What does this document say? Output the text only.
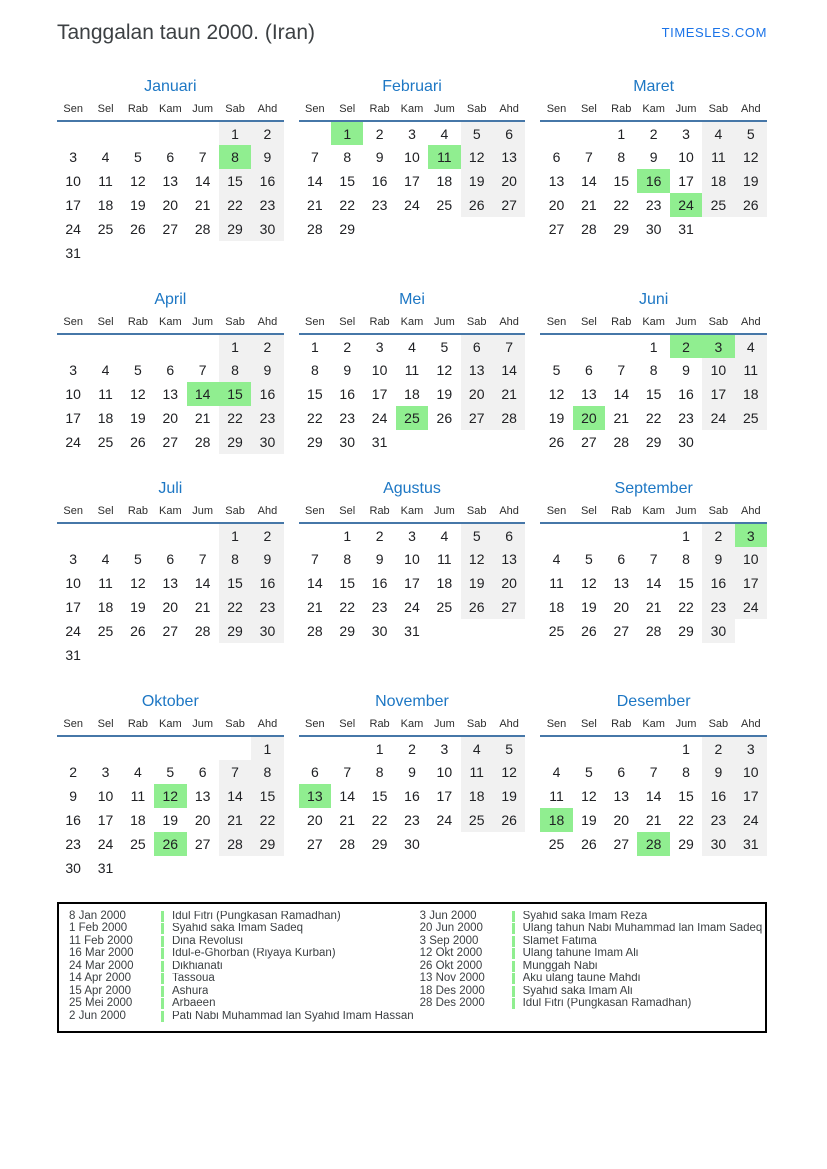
Tanggalan taun 2000. (Iran)	TIMESLES.COM
Januari
Sen	Sel	Rab	Kam	Jum	Sab	Ahd
					1	2
3	4	5	6	7	8	9
10	11	12	13	14	15	16
17	18	19	20	21	22	23
24	25	26	27	28	29	30
31						
Februari
Sen	Sel	Rab	Kam	Jum	Sab	Ahd
	1	2	3	4	5	6
7	8	9	10	11	12	13
14	15	16	17	18	19	20
21	22	23	24	25	26	27
28	29					
Maret
Sen	Sel	Rab	Kam	Jum	Sab	Ahd
		1	2	3	4	5
6	7	8	9	10	11	12
13	14	15	16	17	18	19
20	21	22	23	24	25	26
27	28	29	30	31		
April
Sen	Sel	Rab	Kam	Jum	Sab	Ahd
					1	2
3	4	5	6	7	8	9
10	11	12	13	14	15	16
17	18	19	20	21	22	23
24	25	26	27	28	29	30
Mei
Sen	Sel	Rab	Kam	Jum	Sab	Ahd
1	2	3	4	5	6	7
8	9	10	11	12	13	14
15	16	17	18	19	20	21
22	23	24	25	26	27	28
29	30	31				
Juni
Sen	Sel	Rab	Kam	Jum	Sab	Ahd
			1	2	3	4
5	6	7	8	9	10	11
12	13	14	15	16	17	18
19	20	21	22	23	24	25
26	27	28	29	30		
Juli
Sen	Sel	Rab	Kam	Jum	Sab	Ahd
					1	2
3	4	5	6	7	8	9
10	11	12	13	14	15	16
17	18	19	20	21	22	23
24	25	26	27	28	29	30
31						
Agustus
Sen	Sel	Rab	Kam	Jum	Sab	Ahd
	1	2	3	4	5	6
7	8	9	10	11	12	13
14	15	16	17	18	19	20
21	22	23	24	25	26	27
28	29	30	31			
September
Sen	Sel	Rab	Kam	Jum	Sab	Ahd
				1	2	3
4	5	6	7	8	9	10
11	12	13	14	15	16	17
18	19	20	21	22	23	24
25	26	27	28	29	30	
Oktober
Sen	Sel	Rab	Kam	Jum	Sab	Ahd
						1
2	3	4	5	6	7	8
9	10	11	12	13	14	15
16	17	18	19	20	21	22
23	24	25	26	27	28	29
30	31					
November
Sen	Sel	Rab	Kam	Jum	Sab	Ahd
		1	2	3	4	5
6	7	8	9	10	11	12
13	14	15	16	17	18	19
20	21	22	23	24	25	26
27	28	29	30			
Desember
Sen	Sel	Rab	Kam	Jum	Sab	Ahd
				1	2	3
4	5	6	7	8	9	10
11	12	13	14	15	16	17
18	19	20	21	22	23	24
25	26	27	28	29	30	31
8 Jan 2000	Idul Fitri (Pungkasan Ramadhan)
1 Feb 2000	Syahid saka Imam Sadeq
11 Feb 2000	Dina Revolusi
16 Mar 2000	Idul-e-Ghorban (Riyaya Kurban)
24 Mar 2000	Dikhianati
14 Apr 2000	Tassoua
15 Apr 2000	Ashura
25 Mei 2000	Arbaeen
2 Jun 2000	Pati Nabi Muhammad lan Syahid Imam Hassan
3 Jun 2000	Syahid saka Imam Reza
20 Jun 2000	Ulang tahun Nabi Muhammad lan Imam Sadeq
3 Sep 2000	Slamet Fatima
12 Okt 2000	Ulang tahune Imam Ali
26 Okt 2000	Munggah Nabi
13 Nov 2000	Aku ulang taune Mahdi
18 Des 2000	Syahid saka Imam Ali
28 Des 2000	Idul Fitri (Pungkasan Ramadhan)
